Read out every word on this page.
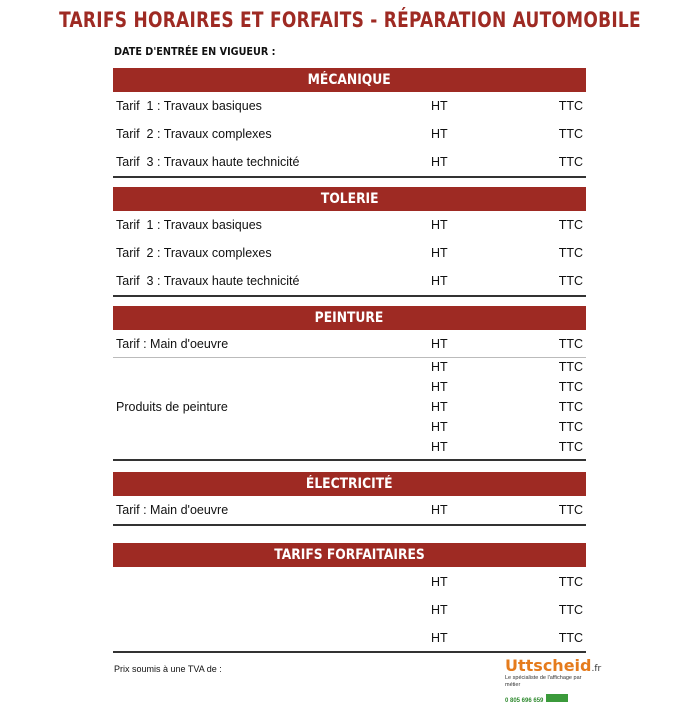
TARIFS HORAIRES ET FORFAITS - RÉPARATION AUTOMOBILE
DATE D'ENTRÉE EN VIGUEUR :
MÉCANIQUE
Tarif  1 : Travaux basiques	HT	TTC
Tarif  2 : Travaux complexes	HT	TTC
Tarif  3 : Travaux haute technicité	HT	TTC
TOLERIE
Tarif  1 : Travaux basiques	HT	TTC
Tarif  2 : Travaux complexes	HT	TTC
Tarif  3 : Travaux haute technicité	HT	TTC
PEINTURE
Tarif : Main d'oeuvre	HT	TTC
Produits de peinture
HT	TTC
HT	TTC
HT	TTC
HT	TTC
HT	TTC
ÉLECTRICITÉ
Tarif : Main d'oeuvre	HT	TTC
TARIFS FORFAITAIRES
HT	TTC
HT	TTC
HT	TTC
Prix soumis à une TVA de :	Uttscheid.fr
Le spécialiste de l'affichage par métier
0 805 696 659
